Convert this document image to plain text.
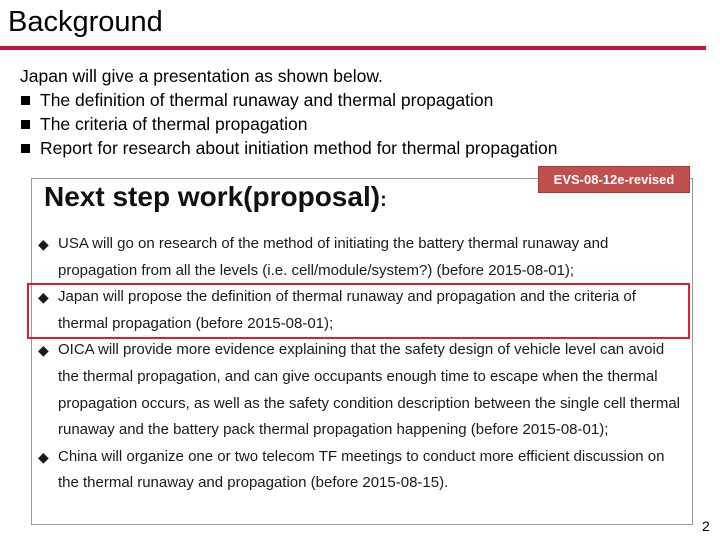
Background
Japan will give a presentation as shown below.
The definition of thermal runaway and thermal propagation
The criteria of thermal propagation
Report for research about initiation method for thermal propagation
Next step work(proposal):
◆ USA will go on research of the method of initiating the battery thermal runaway and propagation from all the levels (i.e. cell/module/system?) (before 2015-08-01);
◆ Japan will propose the definition of thermal runaway and propagation and the criteria of thermal propagation (before 2015-08-01);
◆ OICA will provide more evidence explaining that the safety design of vehicle level can avoid the thermal propagation, and can give occupants enough time to escape when the thermal propagation occurs, as well as the safety condition description between the single cell thermal runaway and the battery pack thermal propagation happening (before 2015-08-01);
◆ China will organize one or two telecom TF meetings to conduct more efficient discussion on the thermal runaway and propagation (before 2015-08-15).
EVS-08-12e-revised
2
